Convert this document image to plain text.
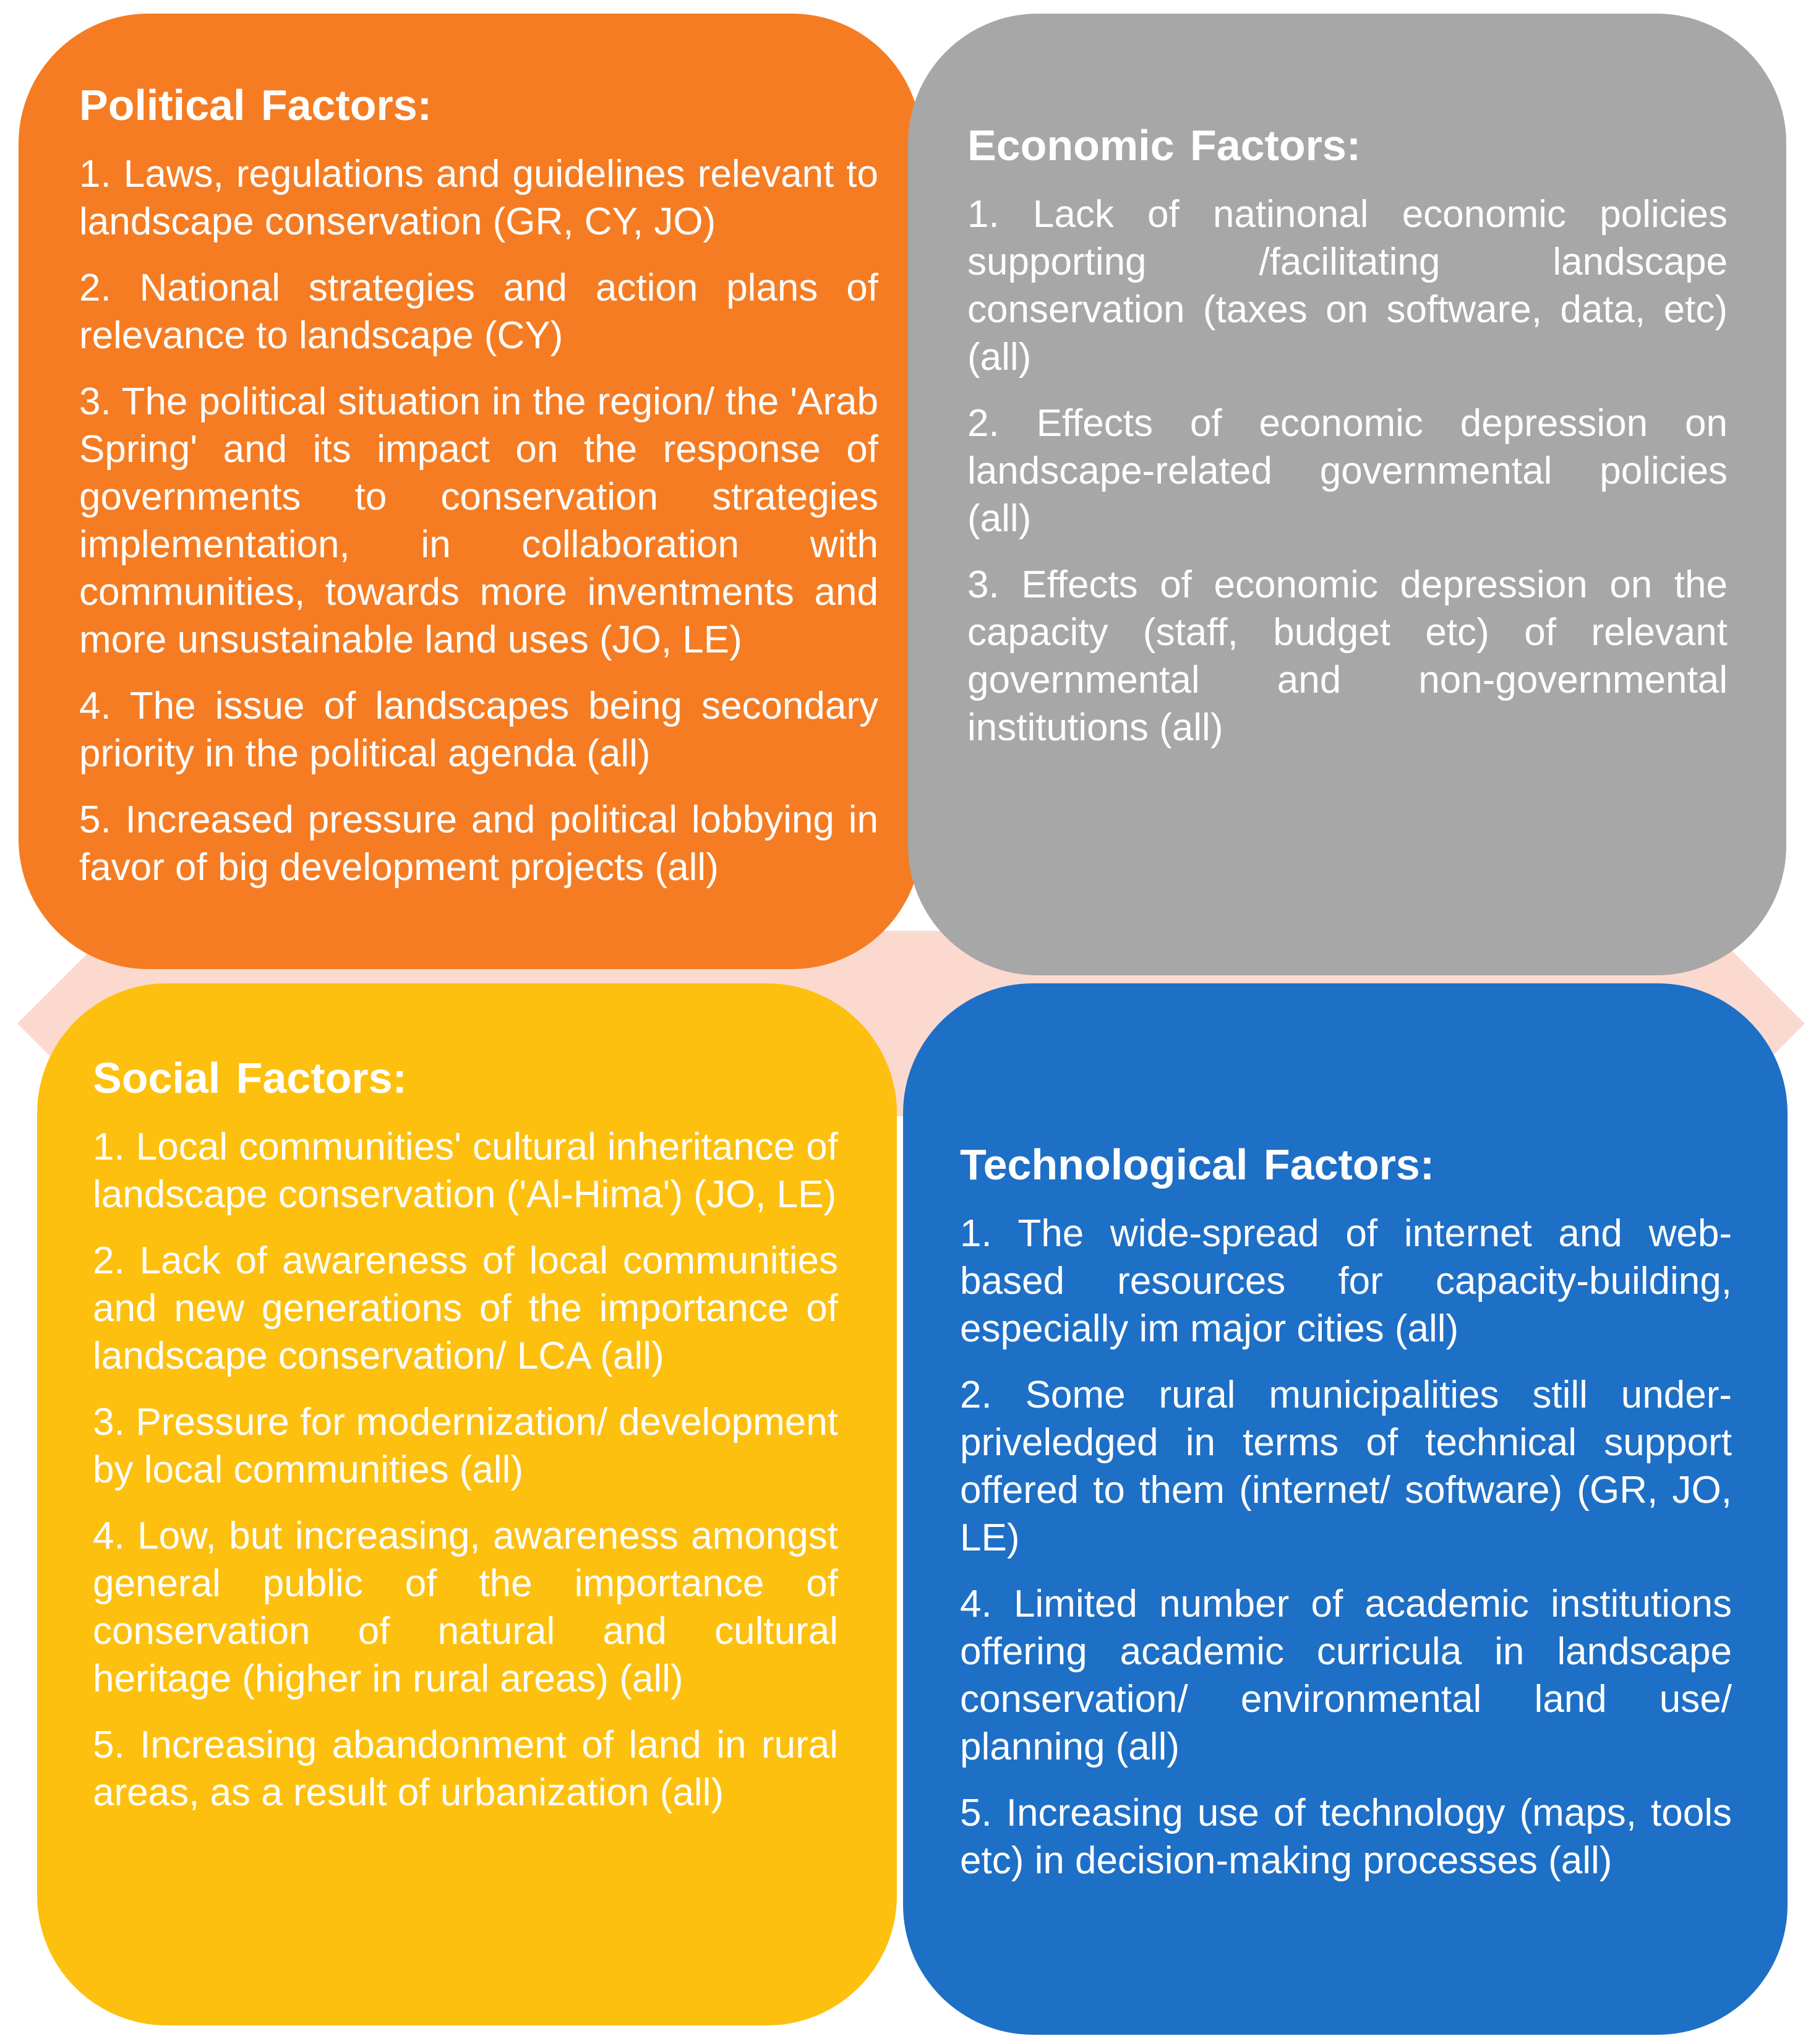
Political Factors:
1. Laws, regulations and guidelines relevant to landscape conservation (GR, CY, JO)
2. National strategies and action plans of relevance to landscape (CY)
3. The political situation in the region/ the 'Arab Spring' and its impact on the response of governments to conservation strategies implementation, in collaboration with communities, towards more inventments and more unsustainable land uses (JO, LE)
4. The issue of landscapes being secondary priority in the political agenda (all)
5. Increased pressure and political lobbying in favor of big development projects (all)
Economic Factors:
1. Lack of natinonal economic policies supporting /facilitating landscape conservation (taxes on software, data, etc) (all)
2. Effects of economic depression on landscape-related governmental policies (all)
3. Effects of economic depression on the capacity (staff, budget etc) of relevant governmental and non-governmental institutions (all)
Social Factors:
1. Local communities' cultural inheritance of landscape conservation ('Al-Hima') (JO, LE)
2. Lack of awareness of local communities and new generations of the importance of landscape conservation/ LCA (all)
3. Pressure for modernization/ development by local communities (all)
4. Low, but increasing, awareness amongst general public of the importance of conservation of natural and cultural heritage (higher in rural areas) (all)
5. Increasing abandonment of land in rural areas, as a result of urbanization (all)
Technological Factors:
1. The wide-spread of internet and web-based resources for capacity-building, especially im major cities (all)
2. Some rural municipalities still under-priveledged in terms of technical support offered to them (internet/ software) (GR, JO, LE)
4. Limited number of academic institutions offering academic curricula in landscape conservation/ environmental land use/ planning (all)
5. Increasing use of technology (maps, tools etc) in decision-making processes (all)
